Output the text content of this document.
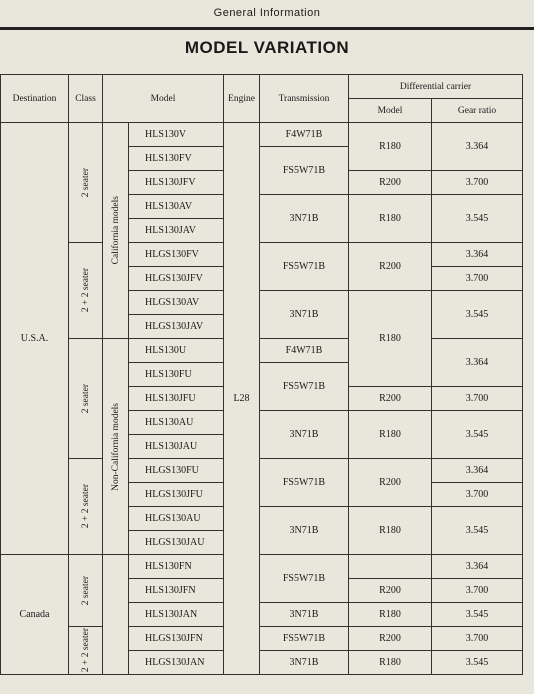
General Information
MODEL VARIATION
Destination	Class	Model		Engine	Transmission	Differential carrier	
						Model	Gear ratio
U.S.A.	2 seater	California models	HLS130V	L28	F4W71B	R180	3.364
			HLS130FV		FS5W71B		
			HLS130JFV			R200	3.700
			HLS130AV		3N71B	R180	3.545
			HLS130JAV				

	2 + 2 seater		HLGS130FV		FS5W71B	R200	3.364
			HLGS130JFV				3.700
			HLGS130AV		3N71B	R180	3.545
			HLGS130JAV				

	2 seater	Non-California models	HLS130U		F4W71B		3.364
			HLS130FU		FS5W71B		
			HLS130JFU			R200	3.700
			HLS130AU		3N71B	R180	3.545
			HLS130JAU				

	2 + 2 seater		HLGS130FU		FS5W71B	R200	3.364
			HLGS130JFU				3.700
			HLGS130AU		3N71B	R180	3.545
			HLGS130JAU				
Canada	2 seater		HLS130FN		FS5W71B		3.364
			HLS130JFN			R200	3.700
			HLS130JAN		3N71B	R180	3.545

	2 + 2 seater		HLGS130JFN		FS5W71B	R200	3.700
			HLGS130JAN		3N71B	R180	3.545
